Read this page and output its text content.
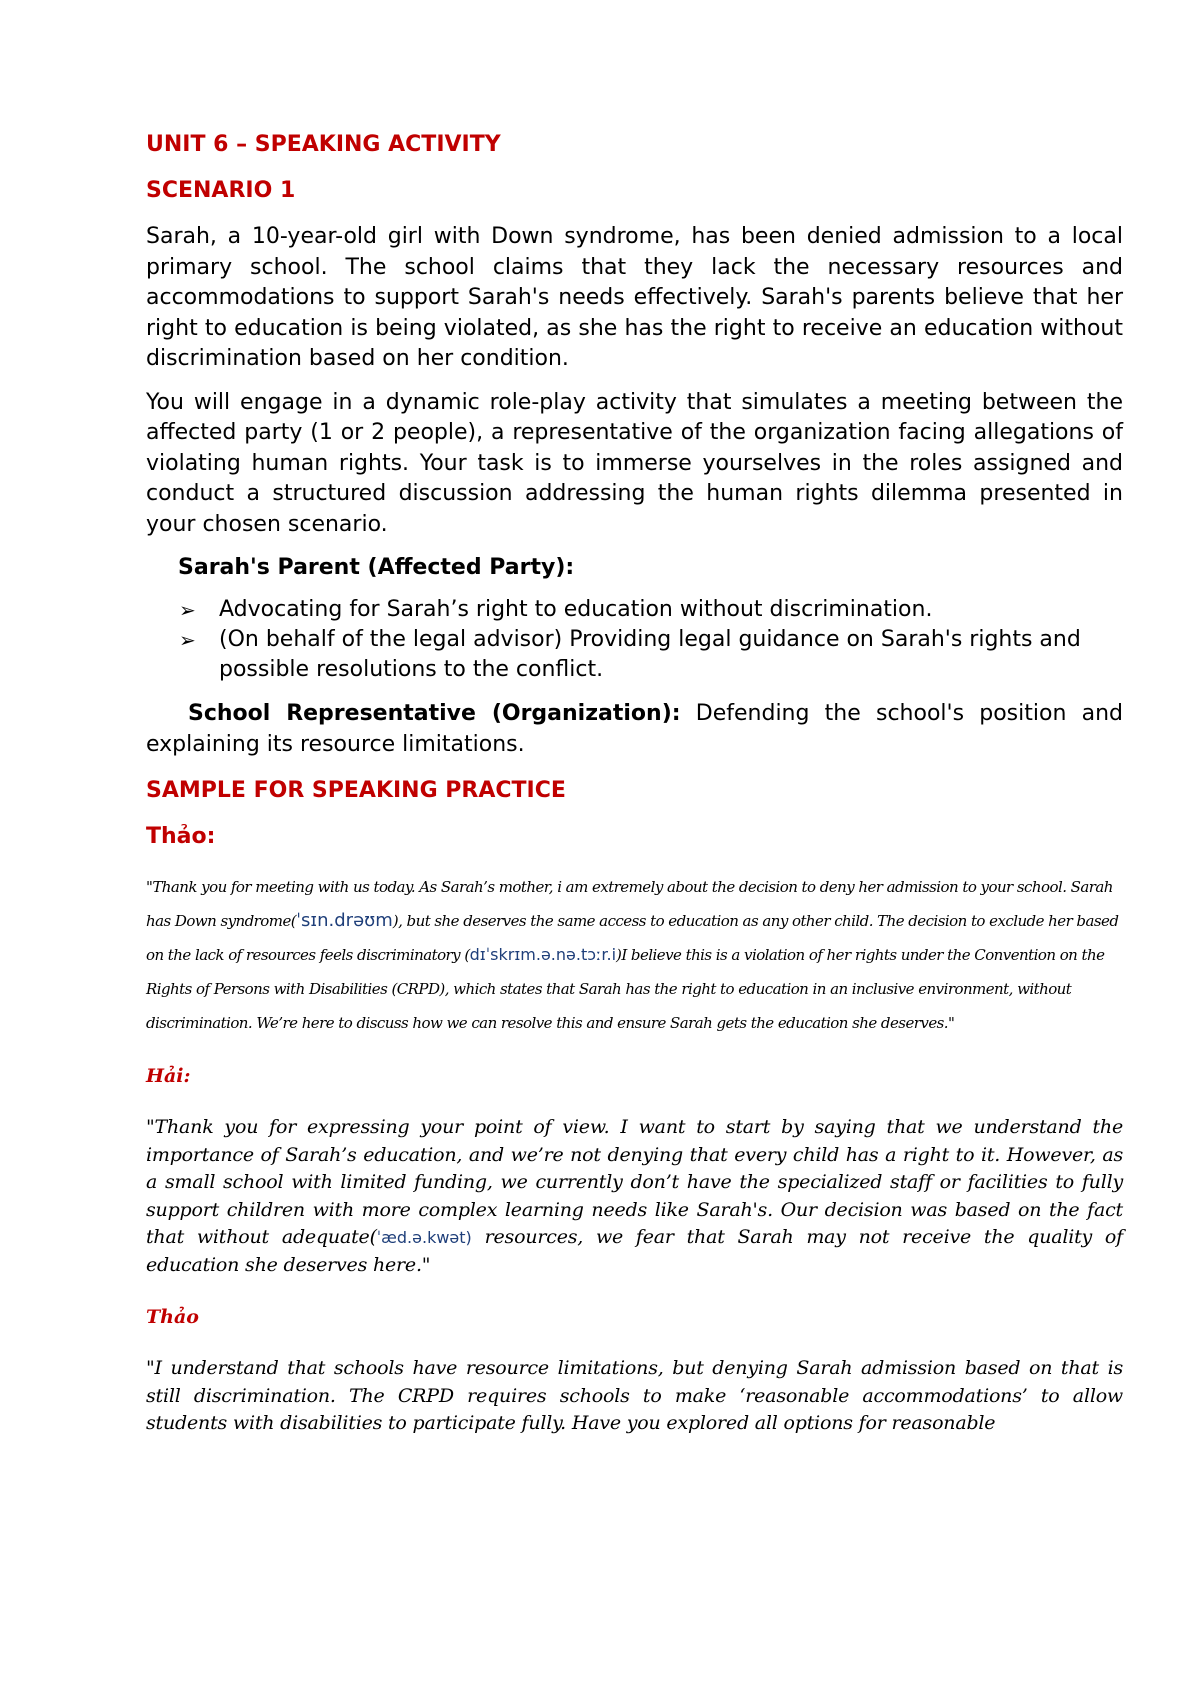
UNIT 6 – SPEAKING ACTIVITY
SCENARIO 1

Sarah, a 10-year-old girl with Down syndrome, has been denied admission to a local primary school. The school claims that they lack the necessary resources and accommodations to support Sarah's needs effectively. Sarah's parents believe that her right to education is being violated, as she has the right to receive an education without discrimination based on her condition.

You will engage in a dynamic role-play activity that simulates a meeting between the affected party (1 or 2 people), a representative of the organization facing allegations of violating human rights. Your task is to immerse yourselves in the roles assigned and conduct a structured discussion addressing the human rights dilemma presented in your chosen scenario.

Sarah's Parent (Affected Party):
➢ Advocating for Sarah’s right to education without discrimination.
➢ (On behalf of the legal advisor) Providing legal guidance on Sarah's rights and possible resolutions to the conflict.

School Representative (Organization): Defending the school's position and explaining its resource limitations.

SAMPLE FOR SPEAKING PRACTICE
Thảo:

"Thank you for meeting with us today. As Sarah’s mother, i am extremely about the decision to deny her admission to your school. Sarah has Down syndrome(ˈsɪn.drəʊm), but she deserves the same access to education as any other child. The decision to exclude her based on the lack of resources feels discriminatory (dɪˈskrɪm.ə.nə.tɔːr.i)I believe this is a violation of her rights under the Convention on the Rights of Persons with Disabilities (CRPD), which states that Sarah has the right to education in an inclusive environment, without discrimination. We’re here to discuss how we can resolve this and ensure Sarah gets the education she deserves."

Hải:

"Thank you for expressing your point of view. I want to start by saying that we understand the importance of Sarah’s education, and we’re not denying that every child has a right to it. However, as a small school with limited funding, we currently don’t have the specialized staff or facilities to fully support children with more complex learning needs like Sarah's. Our decision was based on the fact that without adequate(ˈæd.ə.kwət) resources, we fear that Sarah may not receive the quality of education she deserves here."

Thảo

"I understand that schools have resource limitations, but denying Sarah admission based on that is still discrimination. The CRPD requires schools to make ‘reasonable accommodations’ to allow students with disabilities to participate fully. Have you explored all options for reasonable
